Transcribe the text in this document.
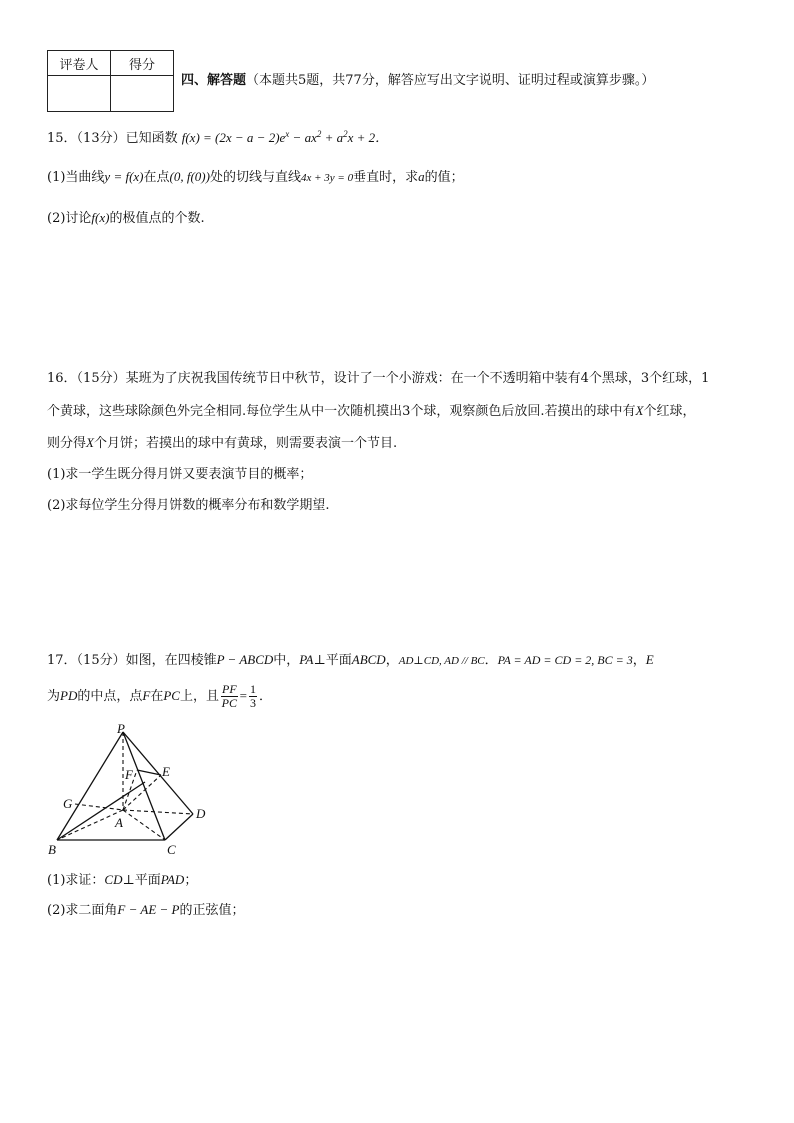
评卷人	得分

四、解答题（本题共5题，共77分，解答应写出文字说明、证明过程或演算步骤。）
15．（13分）已知函数 $f(x) = (2x - a - 2)e^x - ax^2 + a^2x + 2$．
(1)当曲线y = f(x)在点(0, f(0))处的切线与直线4x + 3y = 0垂直时，求a的值；
(2)讨论f(x)的极值点的个数.
16．（15分）某班为了庆祝我国传统节日中秋节，设计了一个小游戏：在一个不透明箱中装有4个黑球，3个红球，1
个黄球，这些球除颜色外完全相同.每位学生从中一次随机摸出3个球，观察颜色后放回.若摸出的球中有X个红球，
则分得X个月饼；若摸出的球中有黄球，则需要表演一个节目.
(1)求一学生既分得月饼又要表演节目的概率；
(2)求每位学生分得月饼数的概率分布和数学期望.
17．（15分）如图，在四棱锥P − ABCD中，PA⊥平面ABCD，AD⊥CD, AD // BC．PA = AD = CD = 2, BC = 3，E
为PD的中点，点F在PC上，且 $\frac{PF}{PC} = \frac{1}{3}$ ．
P
F E
G
A
D
B	C
(1)求证：CD⊥平面PAD；
(2)求二面角F − AE − P的正弦值；
